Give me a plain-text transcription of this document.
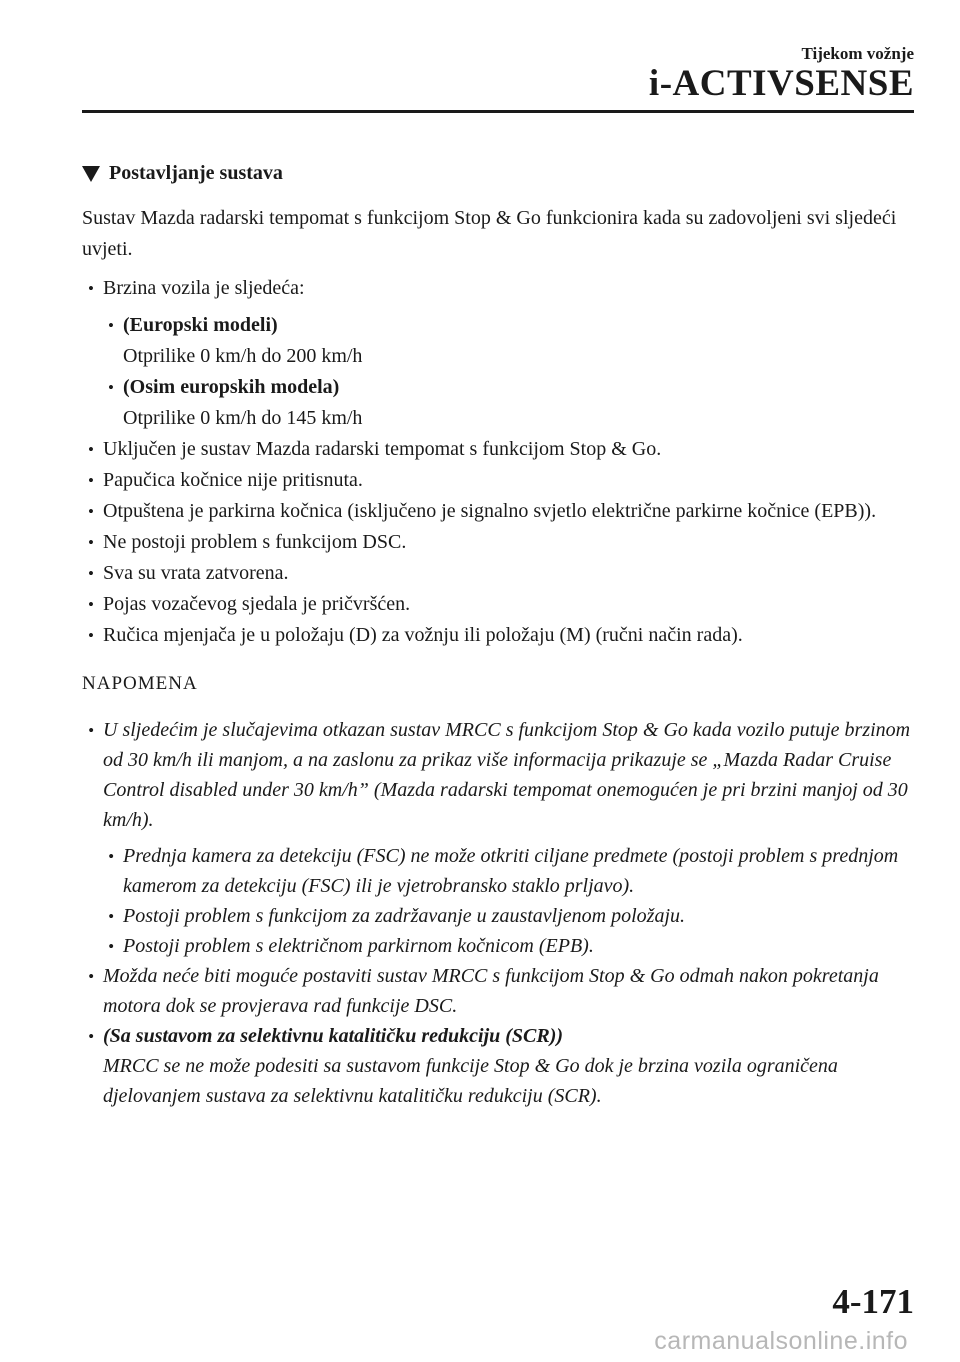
Tijekom vožnje
i-ACTIVSENSE
Postavljanje sustava
Sustav Mazda radarski tempomat s funkcijom Stop & Go funkcionira kada su zadovoljeni svi sljedeći uvjeti.
• Brzina vozila je sljedeća:
• (Europski modeli)
Otprilike 0 km/h do 200 km/h
• (Osim europskih modela)
Otprilike 0 km/h do 145 km/h
• Uključen je sustav Mazda radarski tempomat s funkcijom Stop & Go.
• Papučica kočnice nije pritisnuta.
• Otpuštena je parkirna kočnica (isključeno je signalno svjetlo električne parkirne kočnice (EPB)).
• Ne postoji problem s funkcijom DSC.
• Sva su vrata zatvorena.
• Pojas vozačevog sjedala je pričvršćen.
• Ručica mjenjača je u položaju (D) za vožnju ili položaju (M) (ručni način rada).
NAPOMENA
• U sljedećim je slučajevima otkazan sustav MRCC s funkcijom Stop & Go kada vozilo putuje brzinom od 30 km/h ili manjom, a na zaslonu za prikaz više informacija prikazuje se „Mazda Radar Cruise Control disabled under 30 km/h” (Mazda radarski tempomat onemogućen je pri brzini manjoj od 30 km/h).
• Prednja kamera za detekciju (FSC) ne može otkriti ciljane predmete (postoji problem s prednjom kamerom za detekciju (FSC) ili je vjetrobransko staklo prljavo).
• Postoji problem s funkcijom za zadržavanje u zaustavljenom položaju.
• Postoji problem s električnom parkirnom kočnicom (EPB).
• Možda neće biti moguće postaviti sustav MRCC s funkcijom Stop & Go odmah nakon pokretanja motora dok se provjerava rad funkcije DSC.
• (Sa sustavom za selektivnu katalitičku redukciju (SCR))
MRCC se ne može podesiti sa sustavom funkcije Stop & Go dok je brzina vozila ograničena djelovanjem sustava za selektivnu katalitičku redukciju (SCR).
4-171
carmanualsonline.info
